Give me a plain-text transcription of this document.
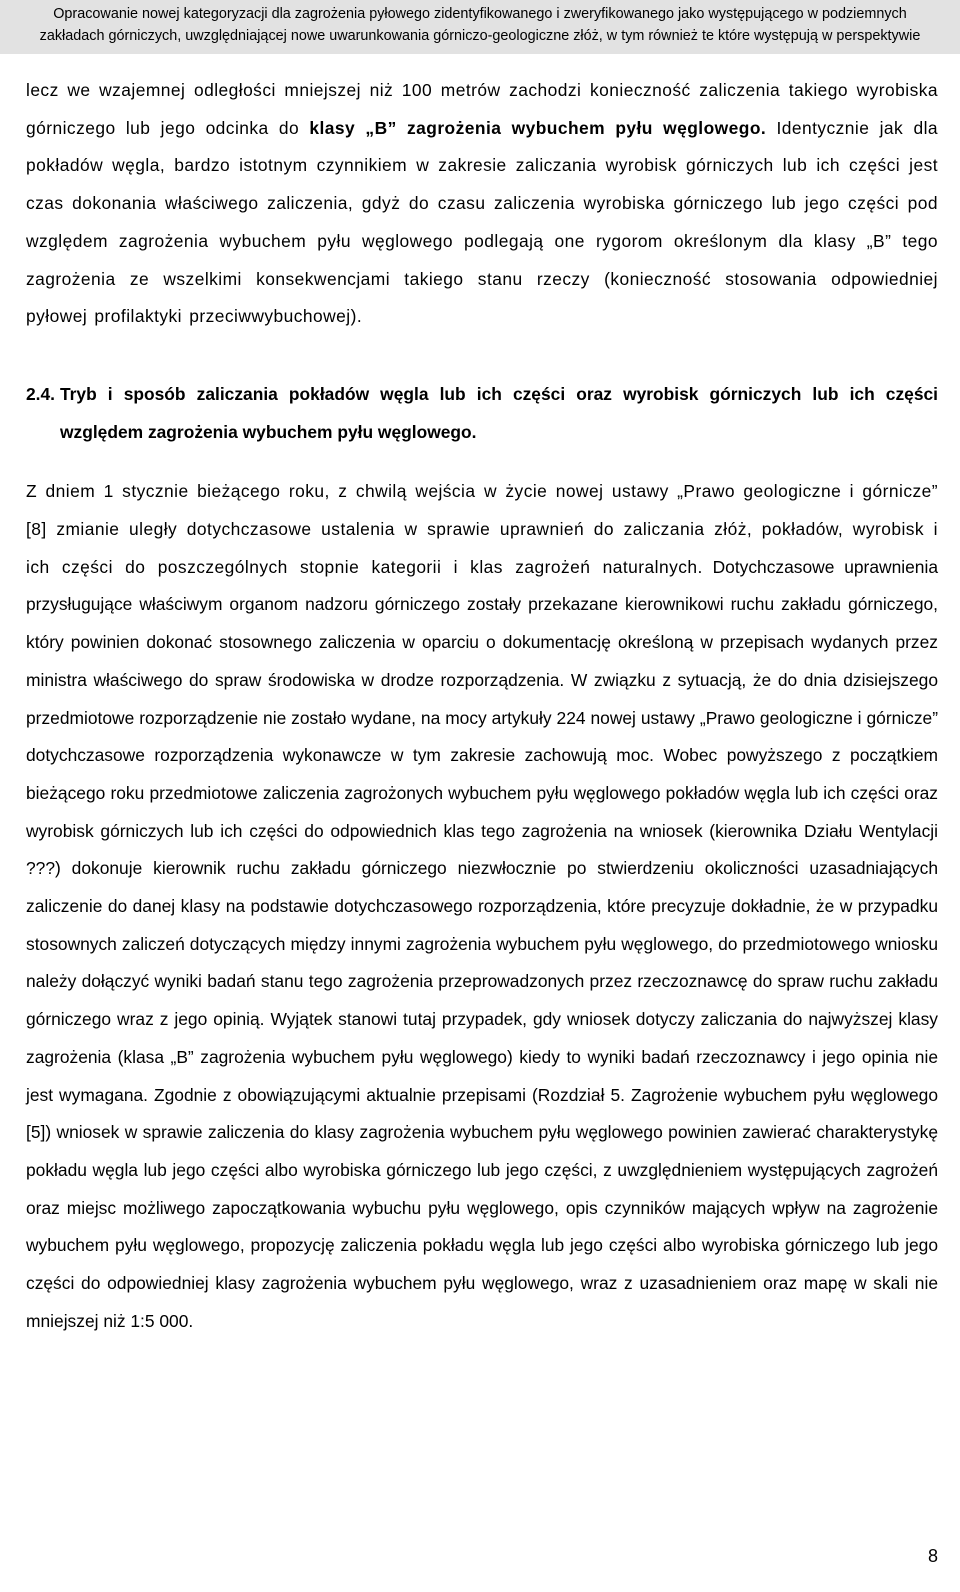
Opracowanie nowej kategoryzacji dla zagrożenia pyłowego zidentyfikowanego i zweryfikowanego jako występującego w podziemnych
zakładach górniczych, uwzględniającej nowe uwarunkowania górniczo-geologiczne złóż, w tym również te które występują w perspektywie

lecz we wzajemnej odległości mniejszej niż 100 metrów zachodzi konieczność zaliczenia takiego wyrobiska górniczego lub jego odcinka do klasy „B” zagrożenia wybuchem pyłu węglowego. Identycznie jak dla pokładów węgla, bardzo istotnym czynnikiem w zakresie zaliczania wyrobisk górniczych lub ich części jest czas dokonania właściwego zaliczenia, gdyż do czasu zaliczenia wyrobiska górniczego lub jego części pod względem zagrożenia wybuchem pyłu węglowego podlegają one rygorom określonym dla klasy „B” tego zagrożenia ze wszelkimi konsekwencjami takiego stanu rzeczy (konieczność stosowania odpowiedniej pyłowej profilaktyki przeciwwybuchowej).

2.4. Tryb i sposób zaliczania pokładów węgla lub ich części oraz wyrobisk górniczych lub ich części względem zagrożenia wybuchem pyłu węglowego.

Z dniem 1 stycznie bieżącego roku, z chwilą wejścia w życie nowej ustawy „Prawo geologiczne i górnicze” [8] zmianie uległy dotychczasowe ustalenia w sprawie uprawnień do zaliczania złóż, pokładów, wyrobisk i ich części do poszczególnych stopnie kategorii i klas zagrożeń naturalnych. Dotychczasowe uprawnienia przysługujące właściwym organom nadzoru górniczego zostały przekazane kierownikowi ruchu zakładu górniczego, który powinien dokonać stosownego zaliczenia w oparciu o dokumentację określoną w przepisach wydanych przez ministra właściwego do spraw środowiska w drodze rozporządzenia. W związku z sytuacją, że do dnia dzisiejszego przedmiotowe rozporządzenie nie zostało wydane, na mocy artykuły 224 nowej ustawy „Prawo geologiczne i górnicze” dotychczasowe rozporządzenia wykonawcze w tym zakresie zachowują moc. Wobec powyższego z początkiem bieżącego roku przedmiotowe zaliczenia zagrożonych wybuchem pyłu węglowego pokładów węgla lub ich części oraz wyrobisk górniczych lub ich części do odpowiednich klas tego zagrożenia na wniosek (kierownika Działu Wentylacji ???) dokonuje kierownik ruchu zakładu górniczego niezwłocznie po stwierdzeniu okoliczności uzasadniających zaliczenie do danej klasy na podstawie dotychczasowego rozporządzenia, które precyzuje dokładnie, że w przypadku stosownych zaliczeń dotyczących między innymi zagrożenia wybuchem pyłu węglowego, do przedmiotowego wniosku należy dołączyć wyniki badań stanu tego zagrożenia przeprowadzonych przez rzeczoznawcę do spraw ruchu zakładu górniczego wraz z jego opinią. Wyjątek stanowi tutaj przypadek, gdy wniosek dotyczy zaliczania do najwyższej klasy zagrożenia (klasa „B” zagrożenia wybuchem pyłu węglowego) kiedy to wyniki badań rzeczoznawcy i jego opinia nie jest wymagana. Zgodnie z obowiązującymi aktualnie przepisami (Rozdział 5. Zagrożenie wybuchem pyłu węglowego [5]) wniosek w sprawie zaliczenia do klasy zagrożenia wybuchem pyłu węglowego powinien zawierać charakterystykę pokładu węgla lub jego części albo wyrobiska górniczego lub jego części, z uwzględnieniem występujących zagrożeń oraz miejsc możliwego zapoczątkowania wybuchu pyłu węglowego, opis czynników mających wpływ na zagrożenie wybuchem pyłu węglowego, propozycję zaliczenia pokładu węgla lub jego części albo wyrobiska górniczego lub jego części do odpowiedniej klasy zagrożenia wybuchem pyłu węglowego, wraz z uzasadnieniem oraz mapę w skali nie mniejszej niż 1:5 000.

8
